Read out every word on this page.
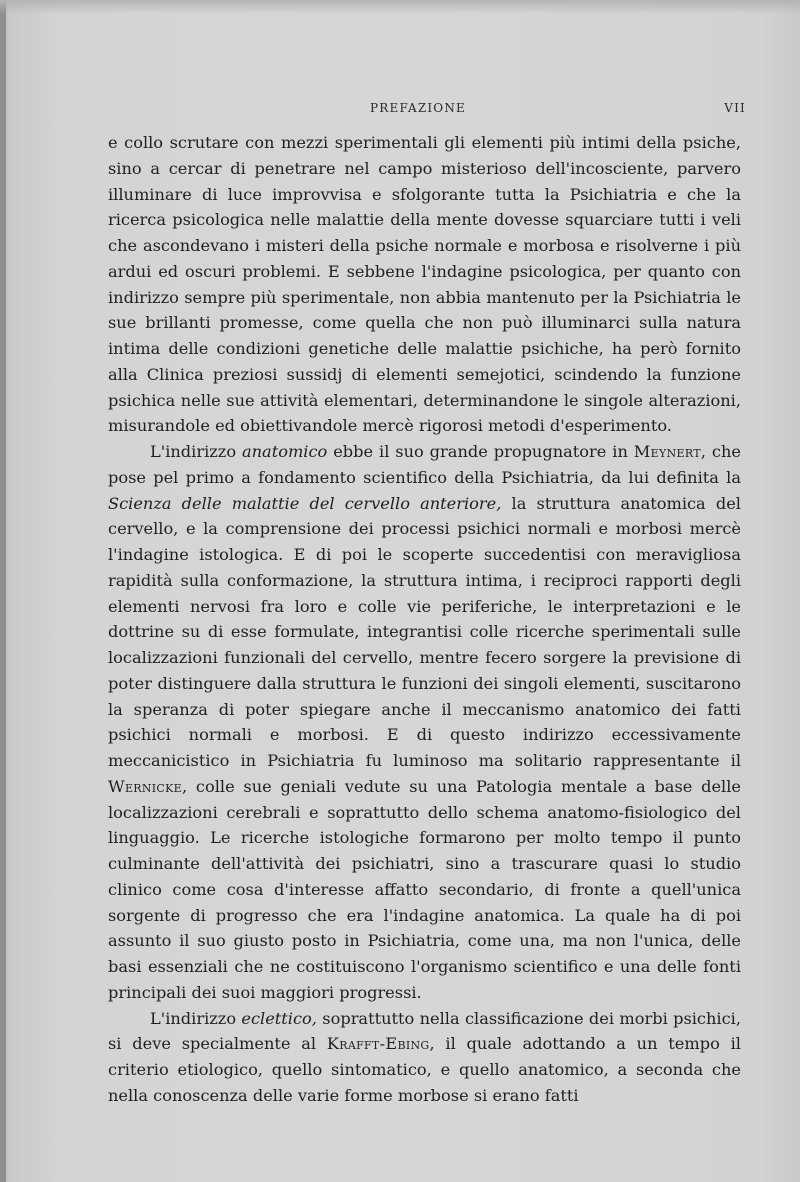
PREFAZIONE	VII

e collo scrutare con mezzi sperimentali gli elementi più intimi della psiche, sino a cercar di penetrare nel campo misterioso dell'incosciente, parvero illuminare di luce improvvisa e sfolgorante tutta la Psichiatria e che la ricerca psicologica nelle malattie della mente dovesse squarciare tutti i veli che ascondevano i misteri della psiche normale e morbosa e risolverne i più ardui ed oscuri problemi. E sebbene l'indagine psicologica, per quanto con indirizzo sempre più sperimentale, non abbia mantenuto per la Psichiatria le sue brillanti promesse, come quella che non può illuminarci sulla natura intima delle condizioni genetiche delle malattie psichiche, ha però fornito alla Clinica preziosi sussidj di elementi semejotici, scindendo la funzione psichica nelle sue attività elementari, determinandone le singole alterazioni, misurandole ed obiettivandole mercè rigorosi metodi d'esperimento.

L'indirizzo anatomico ebbe il suo grande propugnatore in Meynert, che pose pel primo a fondamento scientifico della Psichiatria, da lui definita la Scienza delle malattie del cervello anteriore, la struttura anatomica del cervello, e la comprensione dei processi psichici normali e morbosi mercè l'indagine istologica. E di poi le scoperte succedentisi con meravigliosa rapidità sulla conformazione, la struttura intima, i reciproci rapporti degli elementi nervosi fra loro e colle vie periferiche, le interpretazioni e le dottrine su di esse formulate, integrantisi colle ricerche sperimentali sulle localizzazioni funzionali del cervello, mentre fecero sorgere la previsione di poter distinguere dalla struttura le funzioni dei singoli elementi, suscitarono la speranza di poter spiegare anche il meccanismo anatomico dei fatti psichici normali e morbosi. E di questo indirizzo eccessivamente meccanicistico in Psichiatria fu luminoso ma solitario rappresentante il Wernicke, colle sue geniali vedute su una Patologia mentale a base delle localizzazioni cerebrali e soprattutto dello schema anatomo-fisiologico del linguaggio. Le ricerche istologiche formarono per molto tempo il punto culminante dell'attività dei psichiatri, sino a trascurare quasi lo studio clinico come cosa d'interesse affatto secondario, di fronte a quell'unica sorgente di progresso che era l'indagine anatomica. La quale ha di poi assunto il suo giusto posto in Psichiatria, come una, ma non l'unica, delle basi essenziali che ne costituiscono l'organismo scientifico e una delle fonti principali dei suoi maggiori progressi.

L'indirizzo eclettico, soprattutto nella classificazione dei morbi psichici, si deve specialmente al Krafft-Ebing, il quale adottando a un tempo il criterio etiologico, quello sintomatico, e quello anatomico, a seconda che nella conoscenza delle varie forme morbose si erano fatti
